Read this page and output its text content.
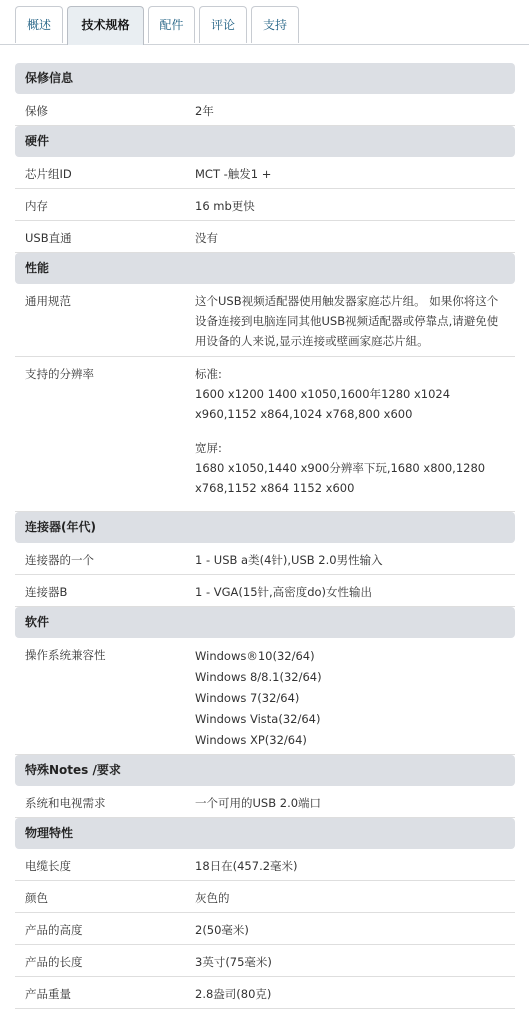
概述	技术规格	配件	评论	支持
保修信息
保修	2年
硬件
芯片组ID	MCT -触发1 +
内存	16 mb更快
USB直通	没有
性能
通用规范	这个USB视频适配器使用触发器家庭芯片组。 如果你将这个设备连接到电脑连同其他USB视频适配器或停靠点,请避免使用设备的人来说,显示连接或壁画家庭芯片組。
支持的分辨率	标准:

1600 x1200 1400 x1050,1600年1280 x1024 x960,1152 x864,1024 x768,800 x600

宽屏:

1680 x1050,1440 x900分辨率下玩,1680 x800,1280 x768,1152 x864 1152 x600

连接器(年代)
连接器的一个	1 - USB a类(4针),USB 2.0男性输入
连接器B	1 - VGA(15针,高密度do)女性输出
软件
操作系统兼容性	Windows®10(32/64)

Windows 8/8.1(32/64)

Windows 7(32/64)

Windows Vista(32/64)

Windows XP(32/64)

特殊Notes /要求
系统和电视需求	一个可用的USB 2.0端口
物理特性
电缆长度	18日在(457.2毫米)
颜色	灰色的
产品的高度	2(50毫米)
产品的长度	3英寸(75毫米)
产品重量	2.8盎司(80克)
